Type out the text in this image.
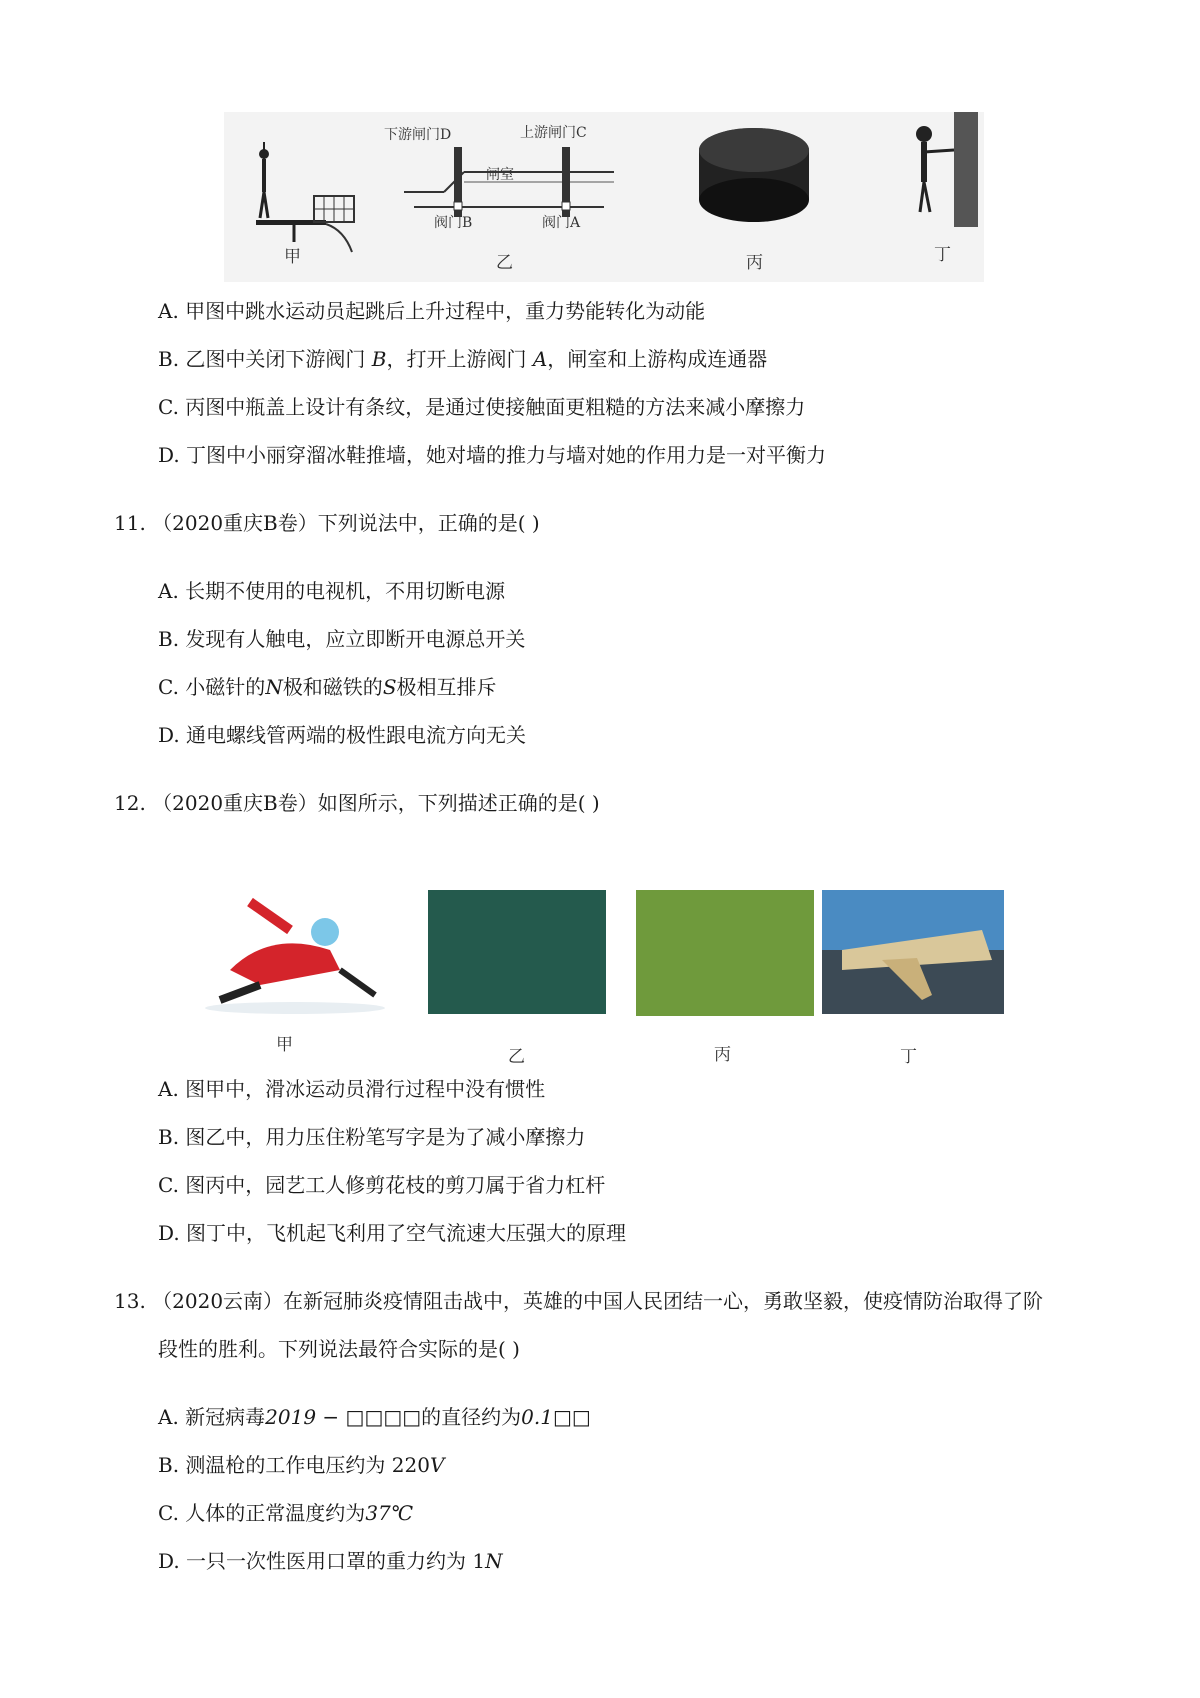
下游闸门D	上游闸门C
闸室
阀门B	阀门A
甲	乙	丙	丁
A. 甲图中跳水运动员起跳后上升过程中，重力势能转化为动能
B. 乙图中关闭下游阀门 B，打开上游阀门 A，闸室和上游构成连通器
C. 丙图中瓶盖上设计有条纹，是通过使接触面更粗糙的方法来减小摩擦力
D. 丁图中小丽穿溜冰鞋推墙，她对墙的推力与墙对她的作用力是一对平衡力
11. （2020重庆B卷）下列说法中，正确的是( )
A. 长期不使用的电视机，不用切断电源
B. 发现有人触电，应立即断开电源总开关
C. 小磁针的N极和磁铁的S极相互排斥
D. 通电螺线管两端的极性跟电流方向无关
12. （2020重庆B卷）如图所示，下列描述正确的是( )
甲
乙	丙	丁
A. 图甲中，滑冰运动员滑行过程中没有惯性
B. 图乙中，用力压住粉笔写字是为了减小摩擦力
C. 图丙中，园艺工人修剪花枝的剪刀属于省力杠杆
D. 图丁中，飞机起飞利用了空气流速大压强大的原理
13. （2020云南）在新冠肺炎疫情阻击战中，英雄的中国人民团结一心，勇敢坚毅，使疫情防治取得了阶
段性的胜利。下列说法最符合实际的是( )
A. 新冠病毒2019 − □□□□的直径约为0.1□□
B. 测温枪的工作电压约为 220V
C. 人体的正常温度约为37℃
D. 一只一次性医用口罩的重力约为 1N
